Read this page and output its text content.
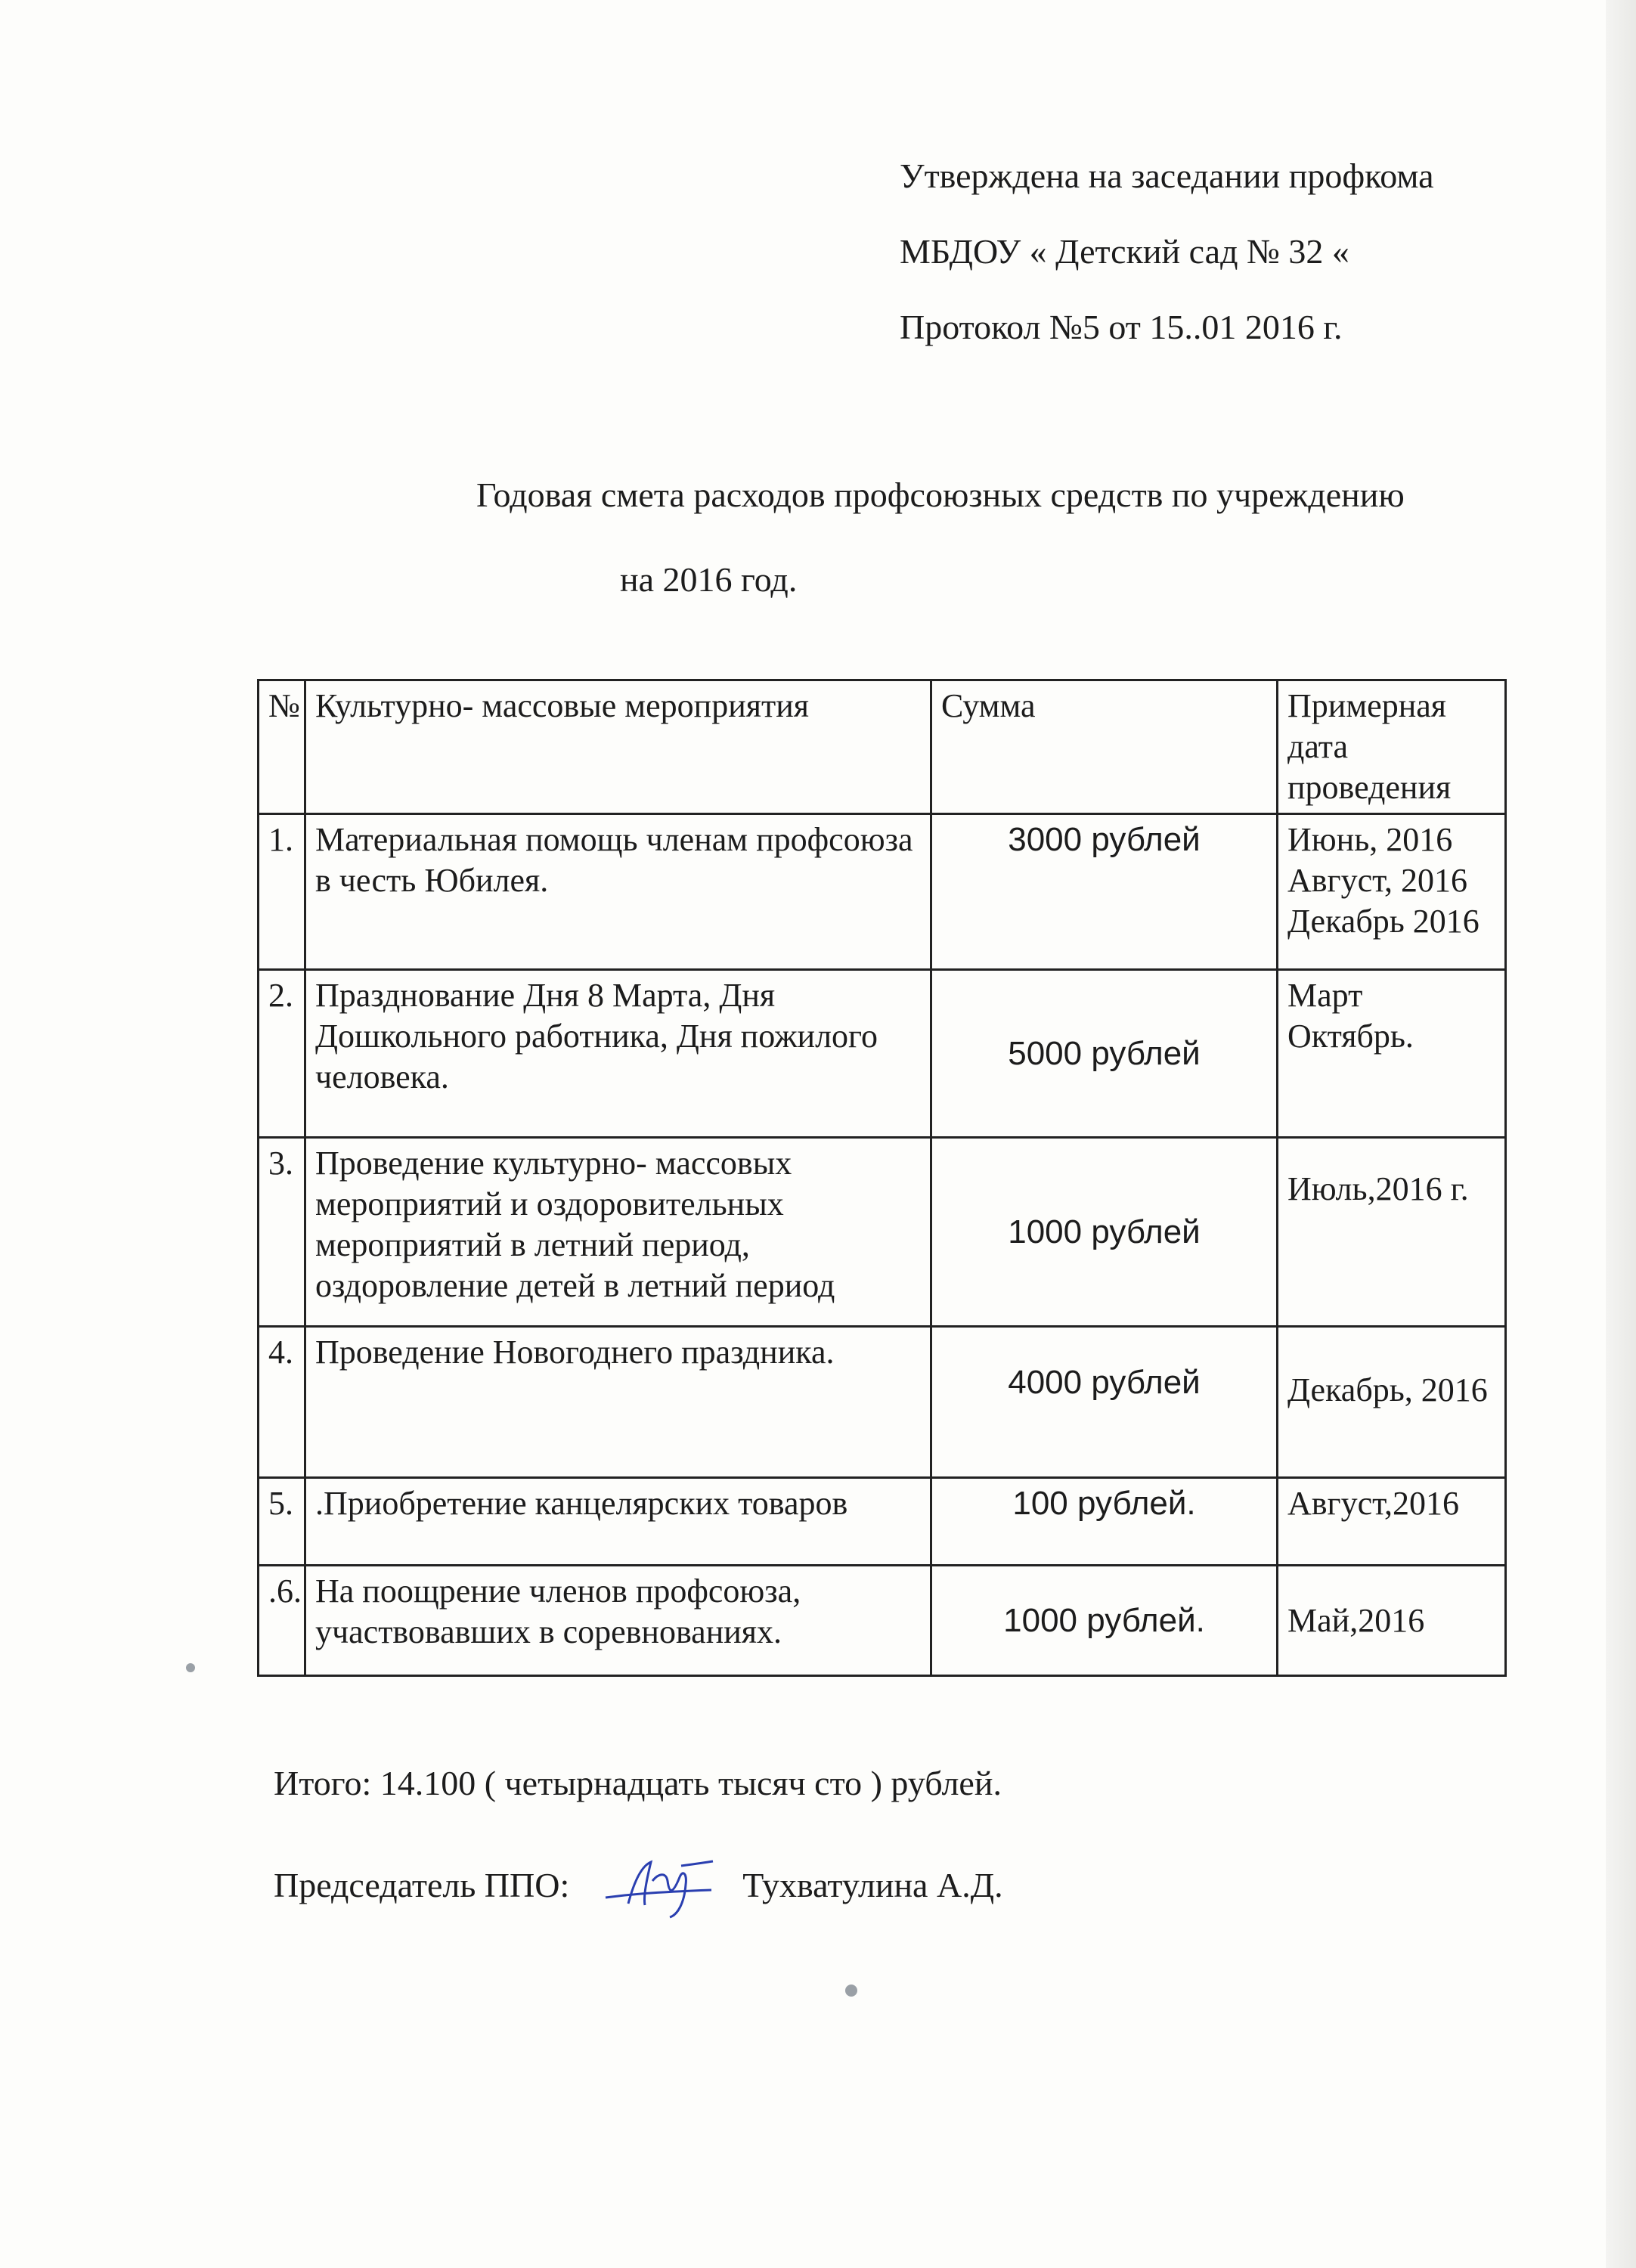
Утверждена на заседании профкома
МБДОУ « Детский сад № 32 «
Протокол №5 от 15..01 2016 г.
Годовая смета расходов профсоюзных средств по учреждению
на 2016 год.
№	Культурно- массовые мероприятия	Сумма	Примерная дата проведения
1.	Материальная помощь членам профсоюза в честь Юбилея.	3000 рублей	Июнь, 2016 Август, 2016 Декабрь 2016
2.	Празднование Дня 8 Марта, Дня Дошкольного работника, Дня пожилого человека.	5000 рублей	Март Октябрь.
3.	Проведение культурно- массовых мероприятий и оздоровительных мероприятий в летний период, оздоровление детей в летний период	1000 рублей	Июль,2016 г.
4.	Проведение Новогоднего праздника.	4000 рублей	Декабрь, 2016
5.	.Приобретение канцелярских товаров	100 рублей.	Август,2016
.6.	На поощрение членов профсоюза, участвовавших в соревнованиях.	1000 рублей.	Май,2016
Итого: 14.100 ( четырнадцать тысяч сто ) рублей.
Председатель ППО:	Тухватулина А.Д.
